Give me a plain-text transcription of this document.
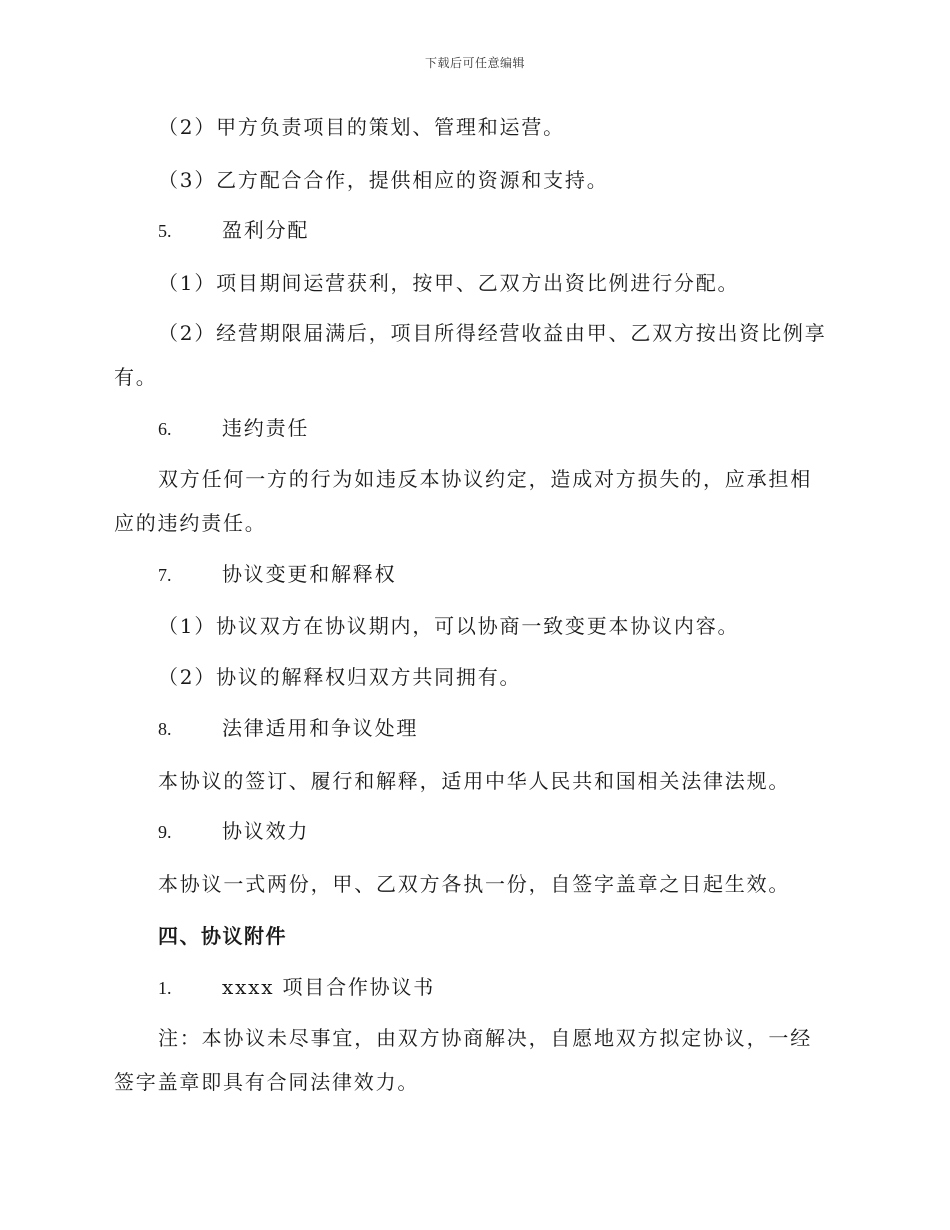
下载后可任意编辑
（2）甲方负责项目的策划、管理和运营。
（3）乙方配合合作，提供相应的资源和支持。
5.	盈利分配
（1）项目期间运营获利，按甲、乙双方出资比例进行分配。
（2）经营期限届满后，项目所得经营收益由甲、乙双方按出资比例享有。
6.	违约责任
双方任何一方的行为如违反本协议约定，造成对方损失的，应承担相应的违约责任。
7.	协议变更和解释权
（1）协议双方在协议期内，可以协商一致变更本协议内容。
（2）协议的解释权归双方共同拥有。
8.	法律适用和争议处理
本协议的签订、履行和解释，适用中华人民共和国相关法律法规。
9.	协议效力
本协议一式两份，甲、乙双方各执一份，自签字盖章之日起生效。
四、协议附件
1.	xxxx 项目合作协议书
注：本协议未尽事宜，由双方协商解决，自愿地双方拟定协议，一经签字盖章即具有合同法律效力。
